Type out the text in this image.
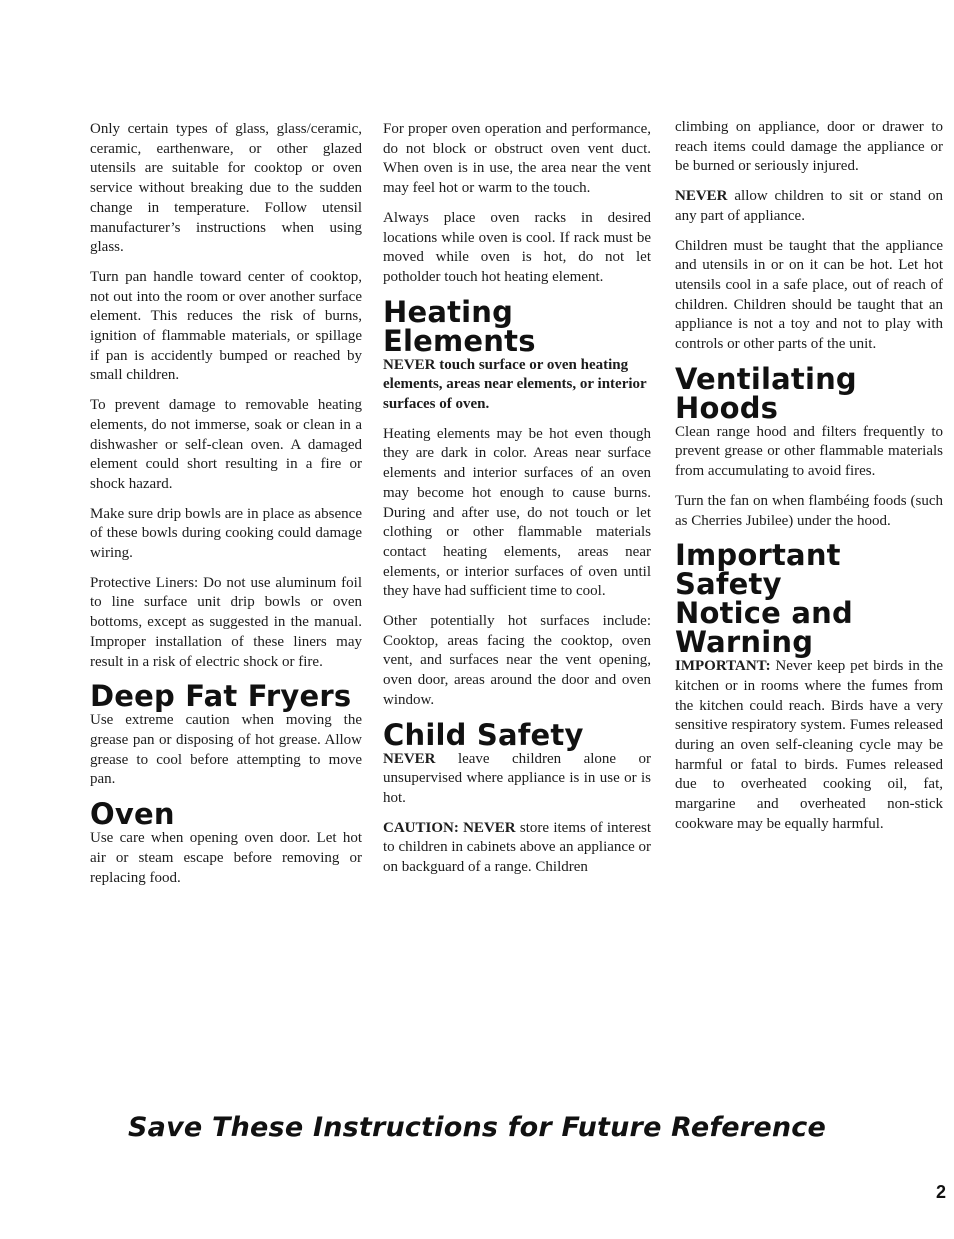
Only certain types of glass, glass/ceramic, ceramic, earthenware, or other glazed utensils are suitable for cooktop or oven service without breaking due to the sudden change in temperature. Follow utensil manufacturer’s instructions when using glass.

Turn pan handle toward center of cooktop, not out into the room or over another surface element. This reduces the risk of burns, ignition of flammable materials, or spillage if pan is accidently bumped or reached by small children.

To prevent damage to removable heating elements, do not immerse, soak or clean in a dishwasher or self-clean oven. A damaged element could short resulting in a fire or shock hazard.

Make sure drip bowls are in place as absence of these bowls during cooking could damage wiring.

Protective Liners: Do not use aluminum foil to line surface unit drip bowls or oven bottoms, except as suggested in the manual. Improper installation of these liners may result in a risk of electric shock or fire.

Deep Fat Fryers

Use extreme caution when moving the grease pan or disposing of hot grease. Allow grease to cool before attempting to move pan.

Oven

Use care when opening oven door. Let hot air or steam escape before removing or replacing food.

For proper oven operation and performance, do not block or obstruct oven vent duct. When oven is in use, the area near the vent may feel hot or warm to the touch.

Always place oven racks in desired locations while oven is cool. If rack must be moved while oven is hot, do not let potholder touch hot heating element.

Heating Elements

NEVER touch surface or oven heating elements, areas near elements, or interior surfaces of oven.

Heating elements may be hot even though they are dark in color. Areas near surface elements and interior surfaces of an oven may become hot enough to cause burns. During and after use, do not touch or let clothing or other flammable materials contact heating elements, areas near elements, or interior surfaces of oven until they have had sufficient time to cool.

Other potentially hot surfaces include: Cooktop, areas facing the cooktop, oven vent, and surfaces near the vent opening, oven door, areas around the door and oven window.

Child Safety

NEVER leave children alone or unsupervised where appliance is in use or is hot.

CAUTION: NEVER store items of interest to children in cabinets above an appliance or on backguard of a range. Children

climbing on appliance, door or drawer to reach items could damage the appliance or be burned or seriously injured.

NEVER allow children to sit or stand on any part of appliance.

Children must be taught that the appliance and utensils in or on it can be hot. Let hot utensils cool in a safe place, out of reach of children. Children should be taught that an appliance is not a toy and not to play with controls or other parts of the unit.

Ventilating
Hoods

Clean range hood and filters frequently to prevent grease or other flammable materials from accumulating to avoid fires.

Turn the fan on when flambéing foods (such as Cherries Jubilee) under the hood.

Important Safety
Notice and
Warning

IMPORTANT: Never keep pet birds in the kitchen or in rooms where the fumes from the kitchen could reach. Birds have a very sensitive respiratory system. Fumes released during an oven self-cleaning cycle may be harmful or fatal to birds. Fumes released due to overheated cooking oil, fat, margarine and overheated non-stick cookware may be equally harmful.

Save These Instructions for Future Reference
2
